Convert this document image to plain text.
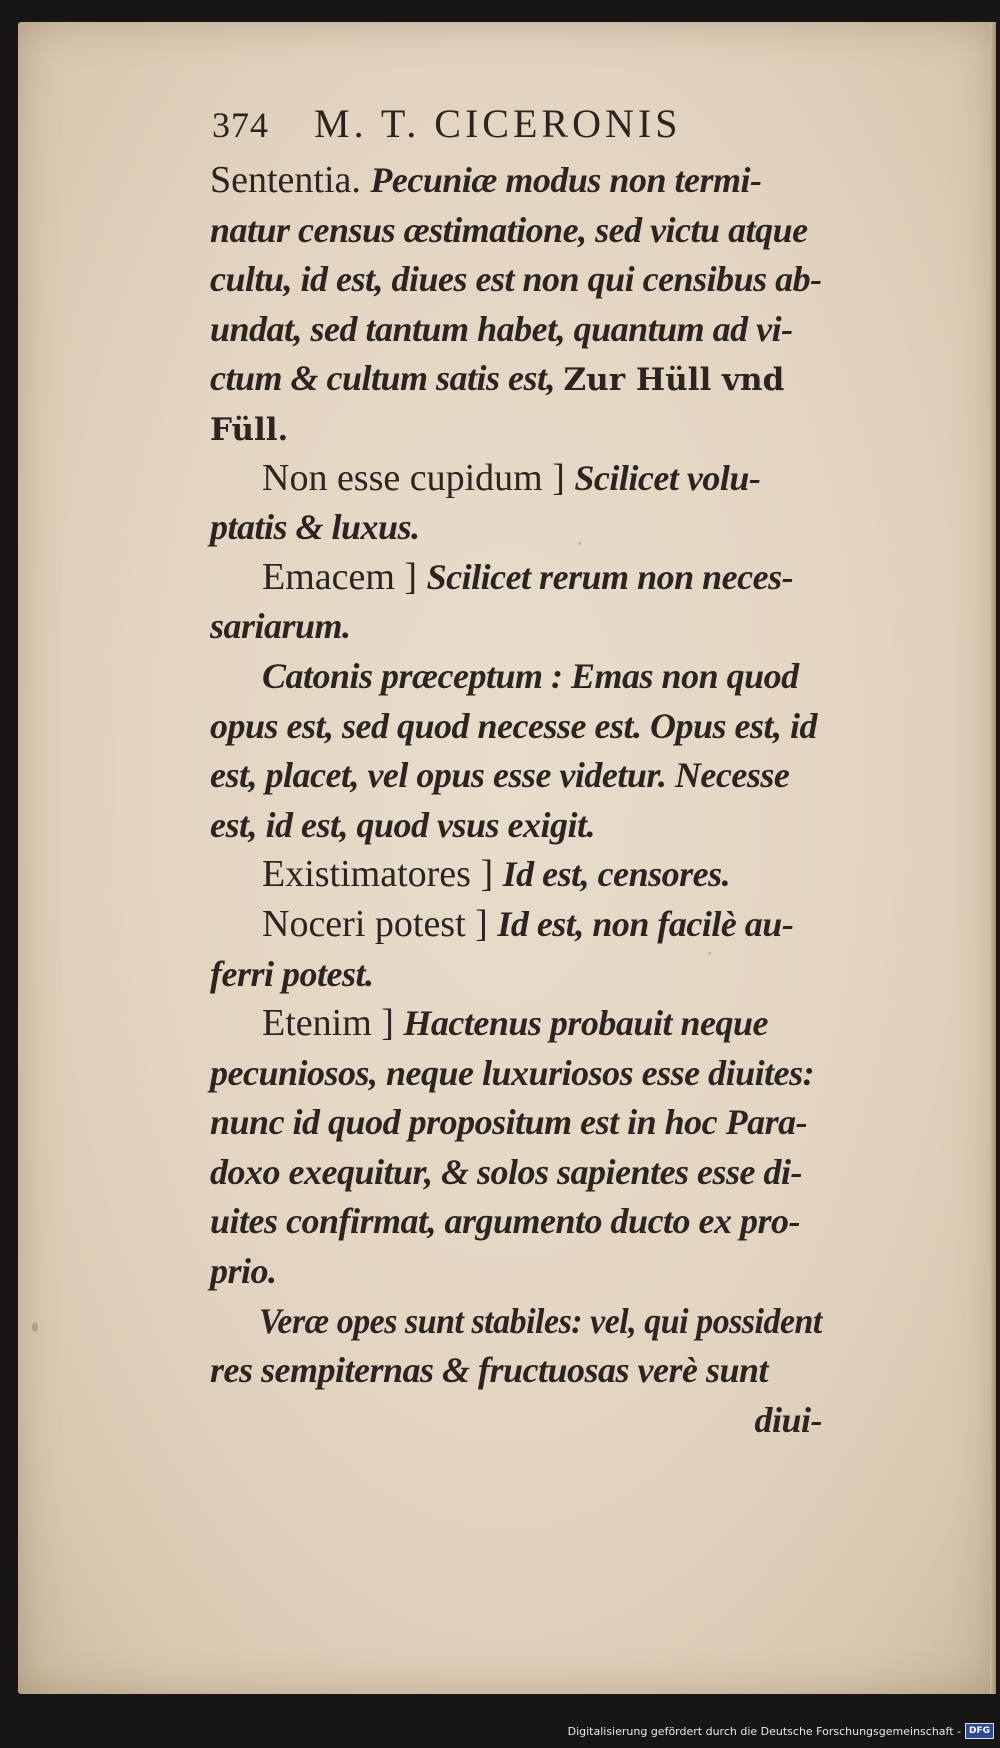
374 M. T. CICERONIS
Sententia. Pecuniæ modus non termi-
natur census æstimatione, sed victu atque
cultu, id est, diues est non qui censibus ab-
undat, sed tantum habet, quantum ad vi-
ctum & cultum satis est, Zur Hüll vnd
Füll.
Non esse cupidum ] Scilicet volu-
ptatis & luxus.
Emacem ] Scilicet rerum non neces-
sariarum.
Catonis præceptum : Emas non quod
opus est, sed quod necesse est. Opus est, id
est, placet, vel opus esse videtur. Necesse
est, id est, quod vsus exigit.
Existimatores ] Id est, censores.
Noceri potest ] Id est, non facilè au-
ferri potest.
Etenim ] Hactenus probauit neque
pecuniosos, neque luxuriosos esse diuites:
nunc id quod propositum est in hoc Para-
doxo exequitur, & solos sapientes esse di-
uites confirmat, argumento ducto ex pro-
prio.
Veræ opes sunt stabiles: vel, qui possident
res sempiternas & fructuosas verè sunt
diui-
Digitalisierung gefördert durch die Deutsche Forschungsgemeinschaft - DFG
